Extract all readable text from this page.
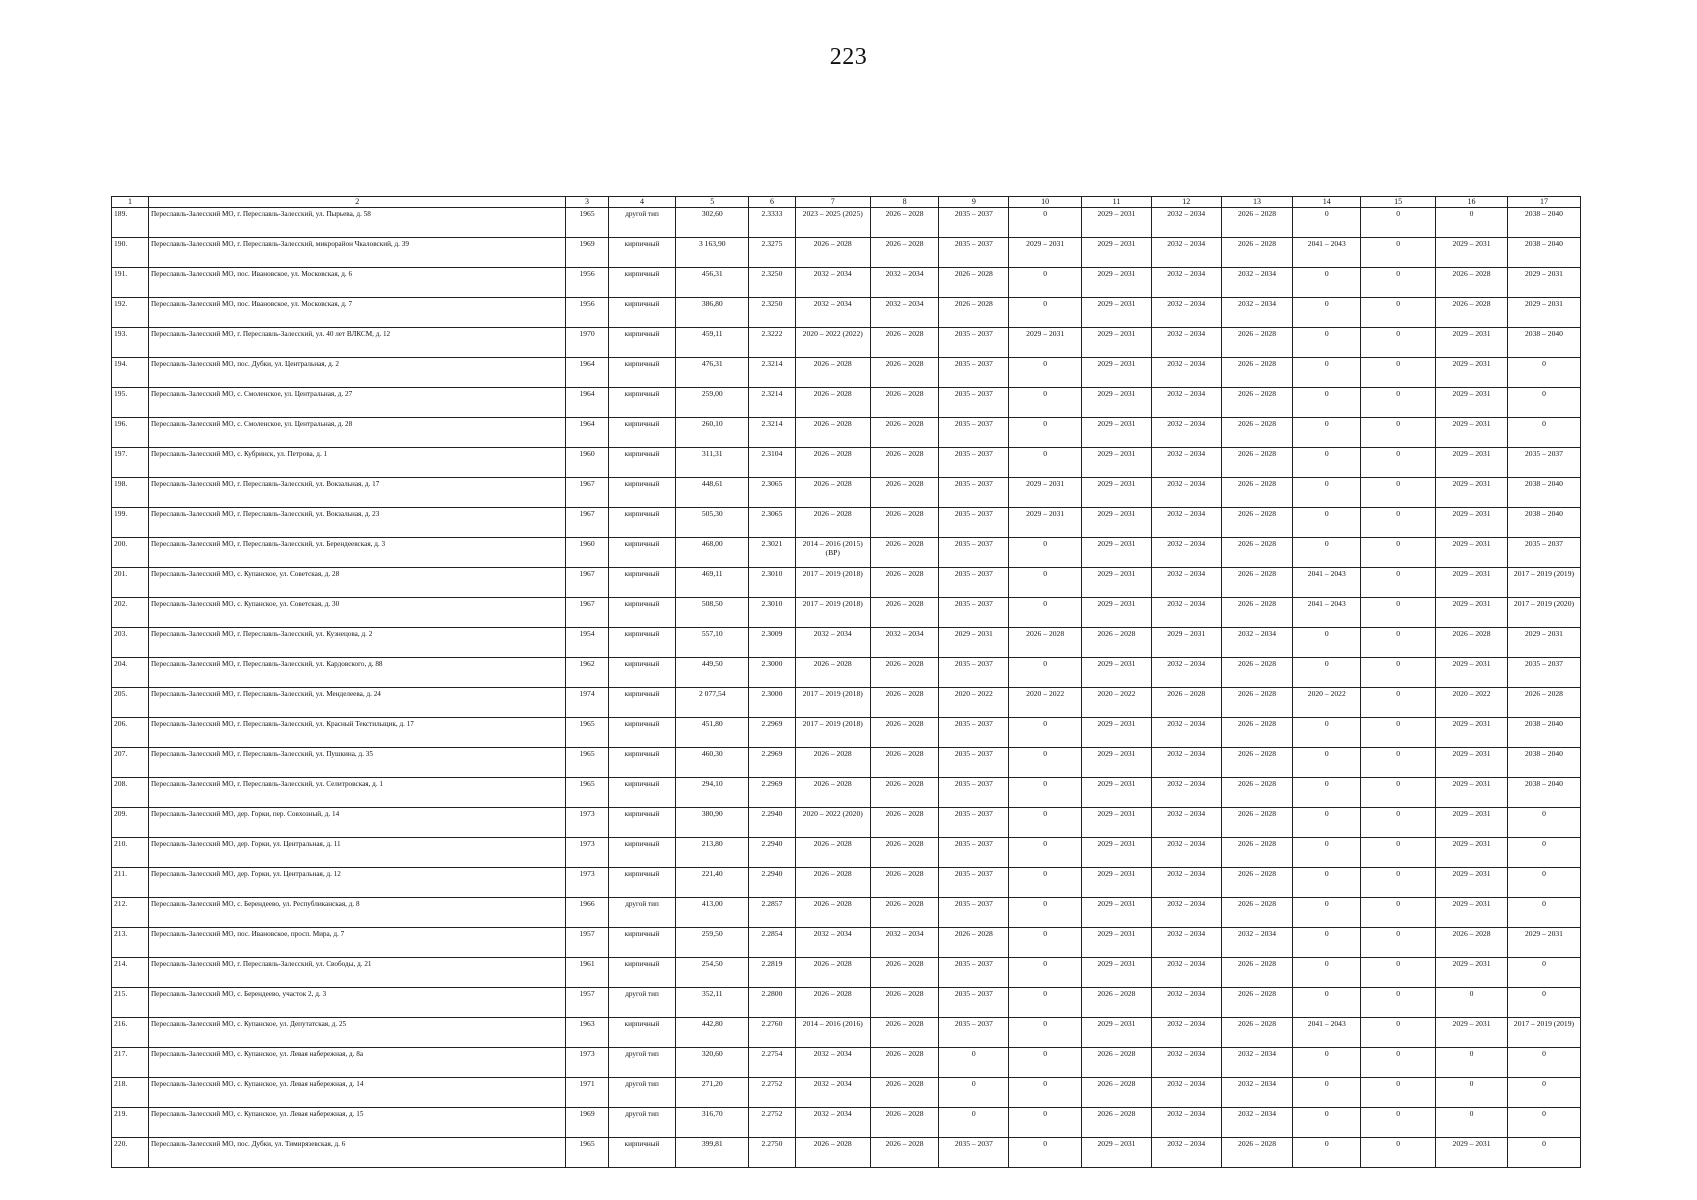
223
1	2	3	4	5	6	7	8	9	10	11	12	13	14	15	16	17
189.	Переславль-Залесский МО, г. Переславль-Залесский, ул. Пырьева, д. 58	1965	другой тип	302,60	2.3333	2023 – 2025 (2025)	2026 – 2028	2035 – 2037	0	2029 – 2031	2032 – 2034	2026 – 2028	0	0	0	2038 – 2040
190.	Переславль-Залесский МО, г. Переславль-Залесский, микрорайон Чкаловский, д. 39	1969	кирпичный	3 163,90	2.3275	2026 – 2028	2026 – 2028	2035 – 2037	2029 – 2031	2029 – 2031	2032 – 2034	2026 – 2028	2041 – 2043	0	2029 – 2031	2038 – 2040
191.	Переславль-Залесский МО, пос. Ивановское, ул. Московская, д. 6	1956	кирпичный	456,31	2.3250	2032 – 2034	2032 – 2034	2026 – 2028	0	2029 – 2031	2032 – 2034	2032 – 2034	0	0	2026 – 2028	2029 – 2031
192.	Переславль-Залесский МО, пос. Ивановское, ул. Московская, д. 7	1956	кирпичный	386,80	2.3250	2032 – 2034	2032 – 2034	2026 – 2028	0	2029 – 2031	2032 – 2034	2032 – 2034	0	0	2026 – 2028	2029 – 2031
193.	Переславль-Залесский МО, г. Переславль-Залесский, ул. 40 лет ВЛКСМ, д. 12	1970	кирпичный	459,11	2.3222	2020 – 2022 (2022)	2026 – 2028	2035 – 2037	2029 – 2031	2029 – 2031	2032 – 2034	2026 – 2028	0	0	2029 – 2031	2038 – 2040
194.	Переславль-Залесский МО, пос. Дубки, ул. Центральная, д. 2	1964	кирпичный	476,31	2.3214	2026 – 2028	2026 – 2028	2035 – 2037	0	2029 – 2031	2032 – 2034	2026 – 2028	0	0	2029 – 2031	0
195.	Переславль-Залесский МО, с. Смоленское, ул. Центральная, д. 27	1964	кирпичный	259,00	2.3214	2026 – 2028	2026 – 2028	2035 – 2037	0	2029 – 2031	2032 – 2034	2026 – 2028	0	0	2029 – 2031	0
196.	Переславль-Залесский МО, с. Смоленское, ул. Центральная, д. 28	1964	кирпичный	260,10	2.3214	2026 – 2028	2026 – 2028	2035 – 2037	0	2029 – 2031	2032 – 2034	2026 – 2028	0	0	2029 – 2031	0
197.	Переславль-Залесский МО, с. Кубринск, ул. Петрова, д. 1	1960	кирпичный	311,31	2.3104	2026 – 2028	2026 – 2028	2035 – 2037	0	2029 – 2031	2032 – 2034	2026 – 2028	0	0	2029 – 2031	2035 – 2037
198.	Переславль-Залесский МО, г. Переславль-Залесский, ул. Вокзальная, д. 17	1967	кирпичный	448,61	2.3065	2026 – 2028	2026 – 2028	2035 – 2037	2029 – 2031	2029 – 2031	2032 – 2034	2026 – 2028	0	0	2029 – 2031	2038 – 2040
199.	Переславль-Залесский МО, г. Переславль-Залесский, ул. Вокзальная, д. 23	1967	кирпичный	505,30	2.3065	2026 – 2028	2026 – 2028	2035 – 2037	2029 – 2031	2029 – 2031	2032 – 2034	2026 – 2028	0	0	2029 – 2031	2038 – 2040
200.	Переславль-Залесский МО, г. Переславль-Залесский, ул. Берендеевская, д. 3	1960	кирпичный	468,00	2.3021	2014 – 2016 (2015) (ВР)	2026 – 2028	2035 – 2037	0	2029 – 2031	2032 – 2034	2026 – 2028	0	0	2029 – 2031	2035 – 2037
201.	Переславль-Залесский МО, с. Купанское, ул. Советская, д. 28	1967	кирпичный	469,11	2.3010	2017 – 2019 (2018)	2026 – 2028	2035 – 2037	0	2029 – 2031	2032 – 2034	2026 – 2028	2041 – 2043	0	2029 – 2031	2017 – 2019 (2019)
202.	Переславль-Залесский МО, с. Купанское, ул. Советская, д. 30	1967	кирпичный	508,50	2.3010	2017 – 2019 (2018)	2026 – 2028	2035 – 2037	0	2029 – 2031	2032 – 2034	2026 – 2028	2041 – 2043	0	2029 – 2031	2017 – 2019 (2020)
203.	Переславль-Залесский МО, г. Переславль-Залесский, ул. Кузнецова, д. 2	1954	кирпичный	557,10	2.3009	2032 – 2034	2032 – 2034	2029 – 2031	2026 – 2028	2026 – 2028	2029 – 2031	2032 – 2034	0	0	2026 – 2028	2029 – 2031
204.	Переславль-Залесский МО, г. Переславль-Залесский, ул. Кардовского, д. 88	1962	кирпичный	449,50	2.3000	2026 – 2028	2026 – 2028	2035 – 2037	0	2029 – 2031	2032 – 2034	2026 – 2028	0	0	2029 – 2031	2035 – 2037
205.	Переславль-Залесский МО, г. Переславль-Залесский, ул. Менделеева, д. 24	1974	кирпичный	2 077,54	2.3000	2017 – 2019 (2018)	2026 – 2028	2020 – 2022	2020 – 2022	2020 – 2022	2026 – 2028	2026 – 2028	2020 – 2022	0	2020 – 2022	2026 – 2028
206.	Переславль-Залесский МО, г. Переславль-Залесский, ул. Красный Текстильщик, д. 17	1965	кирпичный	451,80	2.2969	2017 – 2019 (2018)	2026 – 2028	2035 – 2037	0	2029 – 2031	2032 – 2034	2026 – 2028	0	0	2029 – 2031	2038 – 2040
207.	Переславль-Залесский МО, г. Переславль-Залесский, ул. Пушкина, д. 35	1965	кирпичный	460,30	2.2969	2026 – 2028	2026 – 2028	2035 – 2037	0	2029 – 2031	2032 – 2034	2026 – 2028	0	0	2029 – 2031	2038 – 2040
208.	Переславль-Залесский МО, г. Переславль-Залесский, ул. Селитровская, д. 1	1965	кирпичный	294,10	2.2969	2026 – 2028	2026 – 2028	2035 – 2037	0	2029 – 2031	2032 – 2034	2026 – 2028	0	0	2029 – 2031	2038 – 2040
209.	Переславль-Залесский МО, дер. Горки, пер. Совхозный, д. 14	1973	кирпичный	380,90	2.2940	2020 – 2022 (2020)	2026 – 2028	2035 – 2037	0	2029 – 2031	2032 – 2034	2026 – 2028	0	0	2029 – 2031	0
210.	Переславль-Залесский МО, дер. Горки, ул. Центральная, д. 11	1973	кирпичный	213,80	2.2940	2026 – 2028	2026 – 2028	2035 – 2037	0	2029 – 2031	2032 – 2034	2026 – 2028	0	0	2029 – 2031	0
211.	Переславль-Залесский МО, дер. Горки, ул. Центральная, д. 12	1973	кирпичный	221,40	2.2940	2026 – 2028	2026 – 2028	2035 – 2037	0	2029 – 2031	2032 – 2034	2026 – 2028	0	0	2029 – 2031	0
212.	Переславль-Залесский МО, с. Берендеево, ул. Республиканская, д. 8	1966	другой тип	413,00	2.2857	2026 – 2028	2026 – 2028	2035 – 2037	0	2029 – 2031	2032 – 2034	2026 – 2028	0	0	2029 – 2031	0
213.	Переславль-Залесский МО, пос. Ивановское, просп. Мира, д. 7	1957	кирпичный	259,50	2.2854	2032 – 2034	2032 – 2034	2026 – 2028	0	2029 – 2031	2032 – 2034	2032 – 2034	0	0	2026 – 2028	2029 – 2031
214.	Переславль-Залесский МО, г. Переславль-Залесский, ул. Свободы, д. 21	1961	кирпичный	254,50	2.2819	2026 – 2028	2026 – 2028	2035 – 2037	0	2029 – 2031	2032 – 2034	2026 – 2028	0	0	2029 – 2031	0
215.	Переславль-Залесский МО, с. Берендеево, участок 2, д. 3	1957	другой тип	352,11	2.2800	2026 – 2028	2026 – 2028	2035 – 2037	0	2026 – 2028	2032 – 2034	2026 – 2028	0	0	0	0
216.	Переславль-Залесский МО, с. Купанское, ул. Депутатская, д. 25	1963	кирпичный	442,80	2.2760	2014 – 2016 (2016)	2026 – 2028	2035 – 2037	0	2029 – 2031	2032 – 2034	2026 – 2028	2041 – 2043	0	2029 – 2031	2017 – 2019 (2019)
217.	Переславль-Залесский МО, с. Купанское, ул. Левая набережная, д. 8а	1973	другой тип	320,60	2.2754	2032 – 2034	2026 – 2028	0	0	2026 – 2028	2032 – 2034	2032 – 2034	0	0	0	0
218.	Переславль-Залесский МО, с. Купанское, ул. Левая набережная, д. 14	1971	другой тип	271,20	2.2752	2032 – 2034	2026 – 2028	0	0	2026 – 2028	2032 – 2034	2032 – 2034	0	0	0	0
219.	Переславль-Залесский МО, с. Купанское, ул. Левая набережная, д. 15	1969	другой тип	316,70	2.2752	2032 – 2034	2026 – 2028	0	0	2026 – 2028	2032 – 2034	2032 – 2034	0	0	0	0
220.	Переславль-Залесский МО, пос. Дубки, ул. Тимирязевская, д. 6	1965	кирпичный	399,81	2.2750	2026 – 2028	2026 – 2028	2035 – 2037	0	2029 – 2031	2032 – 2034	2026 – 2028	0	0	2029 – 2031	0
